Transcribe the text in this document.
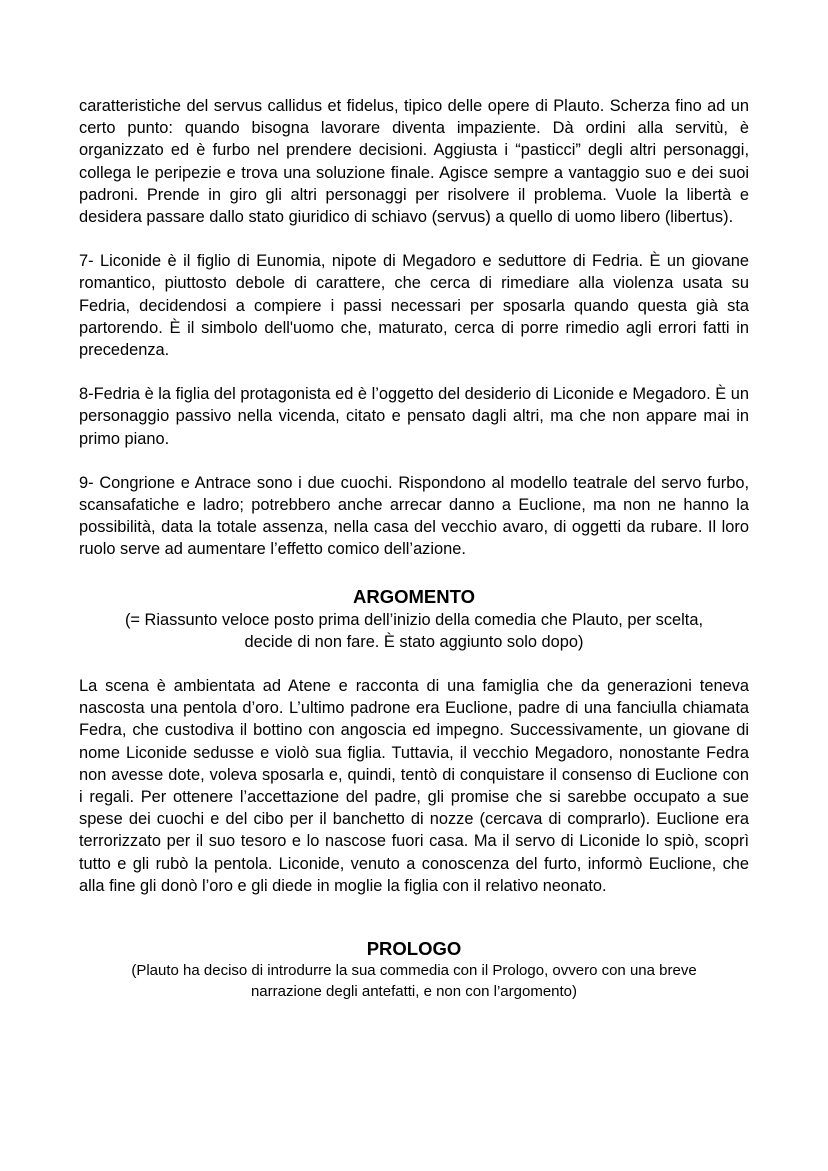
caratteristiche del servus callidus et fidelus, tipico delle opere di Plauto. Scherza fino ad un certo punto: quando bisogna lavorare diventa impaziente. Dà ordini alla servitù, è organizzato ed è furbo nel prendere decisioni. Aggiusta i “pasticci” degli altri personaggi, collega le peripezie e trova una soluzione finale. Agisce sempre a vantaggio suo e dei suoi padroni. Prende in giro gli altri personaggi per risolvere il problema. Vuole la libertà e desidera passare dallo stato giuridico di schiavo (servus) a quello di uomo libero (libertus).

7- Liconide è il figlio di Eunomia, nipote di Megadoro e seduttore di Fedria. È un giovane romantico, piuttosto debole di carattere, che cerca di rimediare alla violenza usata su Fedria, decidendosi a compiere i passi necessari per sposarla quando questa già sta partorendo. È il simbolo dell'uomo che, maturato, cerca di porre rimedio agli errori fatti in precedenza.

8-Fedria è la figlia del protagonista ed è l’oggetto del desiderio di Liconide e Megadoro. È un personaggio passivo nella vicenda, citato e pensato dagli altri, ma che non appare mai in primo piano.

9- Congrione e Antrace sono i due cuochi. Rispondono al modello teatrale del servo furbo, scansafatiche e ladro; potrebbero anche arrecar danno a Euclione, ma non ne hanno la possibilità, data la totale assenza, nella casa del vecchio avaro, di oggetti da rubare. Il loro ruolo serve ad aumentare l’effetto comico dell’azione.

ARGOMENTO

(= Riassunto veloce posto prima dell’inizio della comedia che Plauto, per scelta,

decide di non fare. È stato aggiunto solo dopo)

La scena è ambientata ad Atene e racconta di una famiglia che da generazioni teneva nascosta una pentola d’oro. L’ultimo padrone era Euclione, padre di una fanciulla chiamata Fedra, che custodiva il bottino con angoscia ed impegno. Successivamente, un giovane di nome Liconide sedusse e violò sua figlia. Tuttavia, il vecchio Megadoro, nonostante Fedra non avesse dote, voleva sposarla e, quindi, tentò di conquistare il consenso di Euclione con i regali. Per ottenere l’accettazione del padre, gli promise che si sarebbe occupato a sue spese dei cuochi e del cibo per il banchetto di nozze (cercava di comprarlo). Euclione era terrorizzato per il suo tesoro e lo nascose fuori casa. Ma il servo di Liconide lo spiò, scoprì tutto e gli rubò la pentola. Liconide, venuto a conoscenza del furto, informò Euclione, che alla fine gli donò l’oro e gli diede in moglie la figlia con il relativo neonato.

PROLOGO

(Plauto ha deciso di introdurre la sua commedia con il Prologo, ovvero con una breve

narrazione degli antefatti, e non con l’argomento)
